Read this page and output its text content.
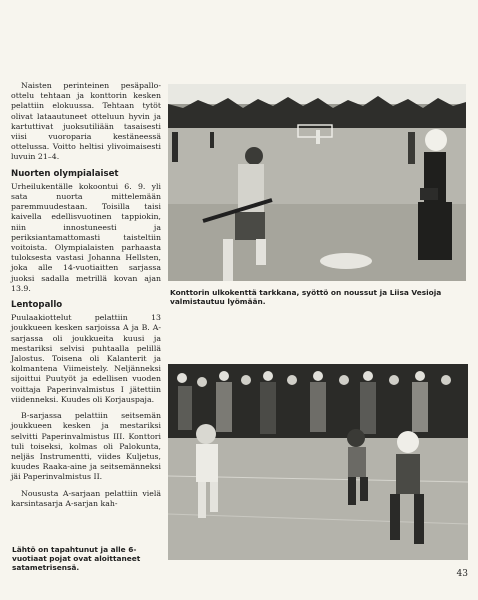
Naisten perinteinen pesäpallo-ottelu tehtaan ja konttorin kesken pelattiin elokuussa. Tehtaan tytöt olivat lataautuneet otteluun hyvin ja kartuttivat juoksutiliään tasaisesti viisi vuoroparia kestäneessä ottelussa. Voitto heltisi ylivoimaisesti luvuin 21–4.

Nuorten olympialaiset

Urheilukentälle kokoontui 6. 9. yli sata nuorta mittelemään paremmuudestaan. Toisilla taisi kaivella edellisvuotinen tappiokin, niin innostuneesti ja periksiantamattomasti taisteltiin voitoista. Olympialaisten parhaasta tuloksesta vastasi Johanna Hellsten, joka alle 14-vuotiaitten sarjassa juoksi sadalla metrillä kovan ajan 13.9.

Lentopallo

Puulaakiottelut pelattiin 13 joukkueen kesken sarjoissa A ja B. A-sarjassa oli joukkueita kuusi ja mestariksi selvisi puhtaalla pelillä Jalostus. Toisena oli Kalanterit ja kolmantena Viimeistely. Neljänneksi sijoittui Puutyöt ja edellisen vuoden voittaja Paperinvalmistus I jätettiin viidenneksi. Kuudes oli Korjauspaja.

B-sarjassa pelattiin seitsemän joukkueen kesken ja mestariksi selvitti Paperinvalmistus III. Konttori tuli toiseksi, kolmas oli Palokunta, neljäs Instrumentti, viides Kuljetus, kuudes Raaka-aine ja seitsemänneksi jäi Paperinvalmistus II.

Noususta A-sarjaan pelattiin vielä karsintasarja A-sarjan kah-

Konttorin ulkokenttä tarkkana, syöttö on noussut ja Liisa Vesioja valmistautuu lyömään.
Lähtö on tapahtunut ja alle 6-vuotiaat pojat ovat aloittaneet satametrisensä.
43
